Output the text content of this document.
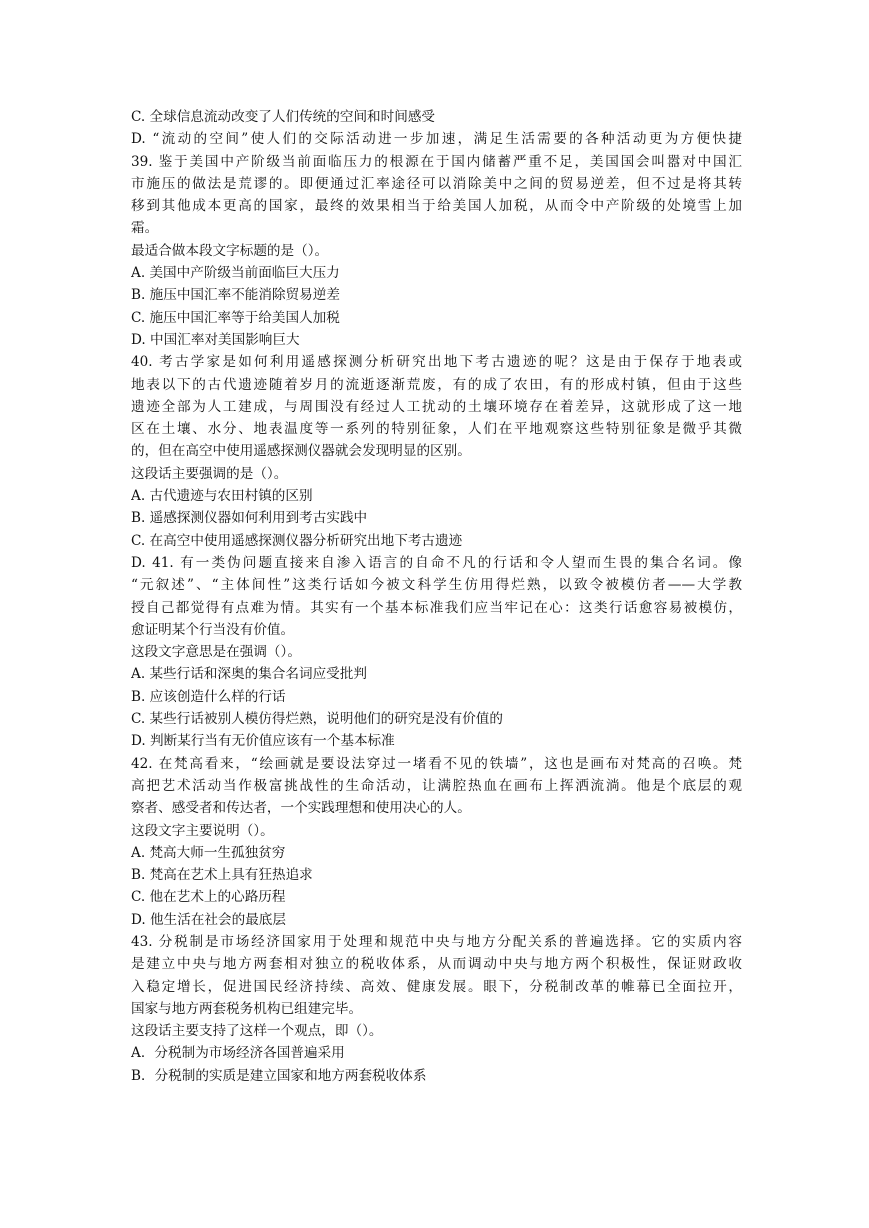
C. 全球信息流动改变了人们传统的空间和时间感受
D. “流动的空间”使人们的交际活动进一步加速，满足生活需要的各种活动更为方便快捷
39. 鉴于美国中产阶级当前面临压力的根源在于国内储蓄严重不足，美国国会叫嚣对中国汇
市施压的做法是荒谬的。即便通过汇率途径可以消除美中之间的贸易逆差，但不过是将其转
移到其他成本更高的国家，最终的效果相当于给美国人加税，从而令中产阶级的处境雪上加
霜。
最适合做本段文字标题的是（）。
A. 美国中产阶级当前面临巨大压力
B. 施压中国汇率不能消除贸易逆差
C. 施压中国汇率等于给美国人加税
D. 中国汇率对美国影响巨大
40. 考古学家是如何利用遥感探测分析研究出地下考古遗迹的呢？这是由于保存于地表或
地表以下的古代遗迹随着岁月的流逝逐渐荒废，有的成了农田，有的形成村镇，但由于这些
遗迹全部为人工建成，与周围没有经过人工扰动的土壤环境存在着差异，这就形成了这一地
区在土壤、水分、地表温度等一系列的特别征象，人们在平地观察这些特别征象是微乎其微
的，但在高空中使用遥感探测仪器就会发现明显的区别。
这段话主要强调的是（）。
A. 古代遗迹与农田村镇的区别
B. 遥感探测仪器如何利用到考古实践中
C. 在高空中使用遥感探测仪器分析研究出地下考古遗迹
D. 41. 有一类伪问题直接来自渗入语言的自命不凡的行话和令人望而生畏的集合名词。像
“元叙述”、“主体间性”这类行话如今被文科学生仿用得烂熟，以致令被模仿者——大学教
授自己都觉得有点难为情。其实有一个基本标准我们应当牢记在心：这类行话愈容易被模仿，
愈证明某个行当没有价值。
这段文字意思是在强调（）。
A. 某些行话和深奥的集合名词应受批判
B. 应该创造什么样的行话
C. 某些行话被别人模仿得烂熟，说明他们的研究是没有价值的
D. 判断某行当有无价值应该有一个基本标准
42. 在梵高看来，“绘画就是要设法穿过一堵看不见的铁墙”，这也是画布对梵高的召唤。梵
高把艺术活动当作极富挑战性的生命活动，让满腔热血在画布上挥洒流淌。他是个底层的观
察者、感受者和传达者，一个实践理想和使用决心的人。
这段文字主要说明（）。
A. 梵高大师一生孤独贫穷
B. 梵高在艺术上具有狂热追求
C. 他在艺术上的心路历程
D. 他生活在社会的最底层
43. 分税制是市场经济国家用于处理和规范中央与地方分配关系的普遍选择。它的实质内容
是建立中央与地方两套相对独立的税收体系，从而调动中央与地方两个积极性，保证财政收
入稳定增长，促进国民经济持续、高效、健康发展。眼下，分税制改革的帷幕已全面拉开，
国家与地方两套税务机构已组建完毕。
这段话主要支持了这样一个观点，即（）。
A．分税制为市场经济各国普遍采用
B．分税制的实质是建立国家和地方两套税收体系
